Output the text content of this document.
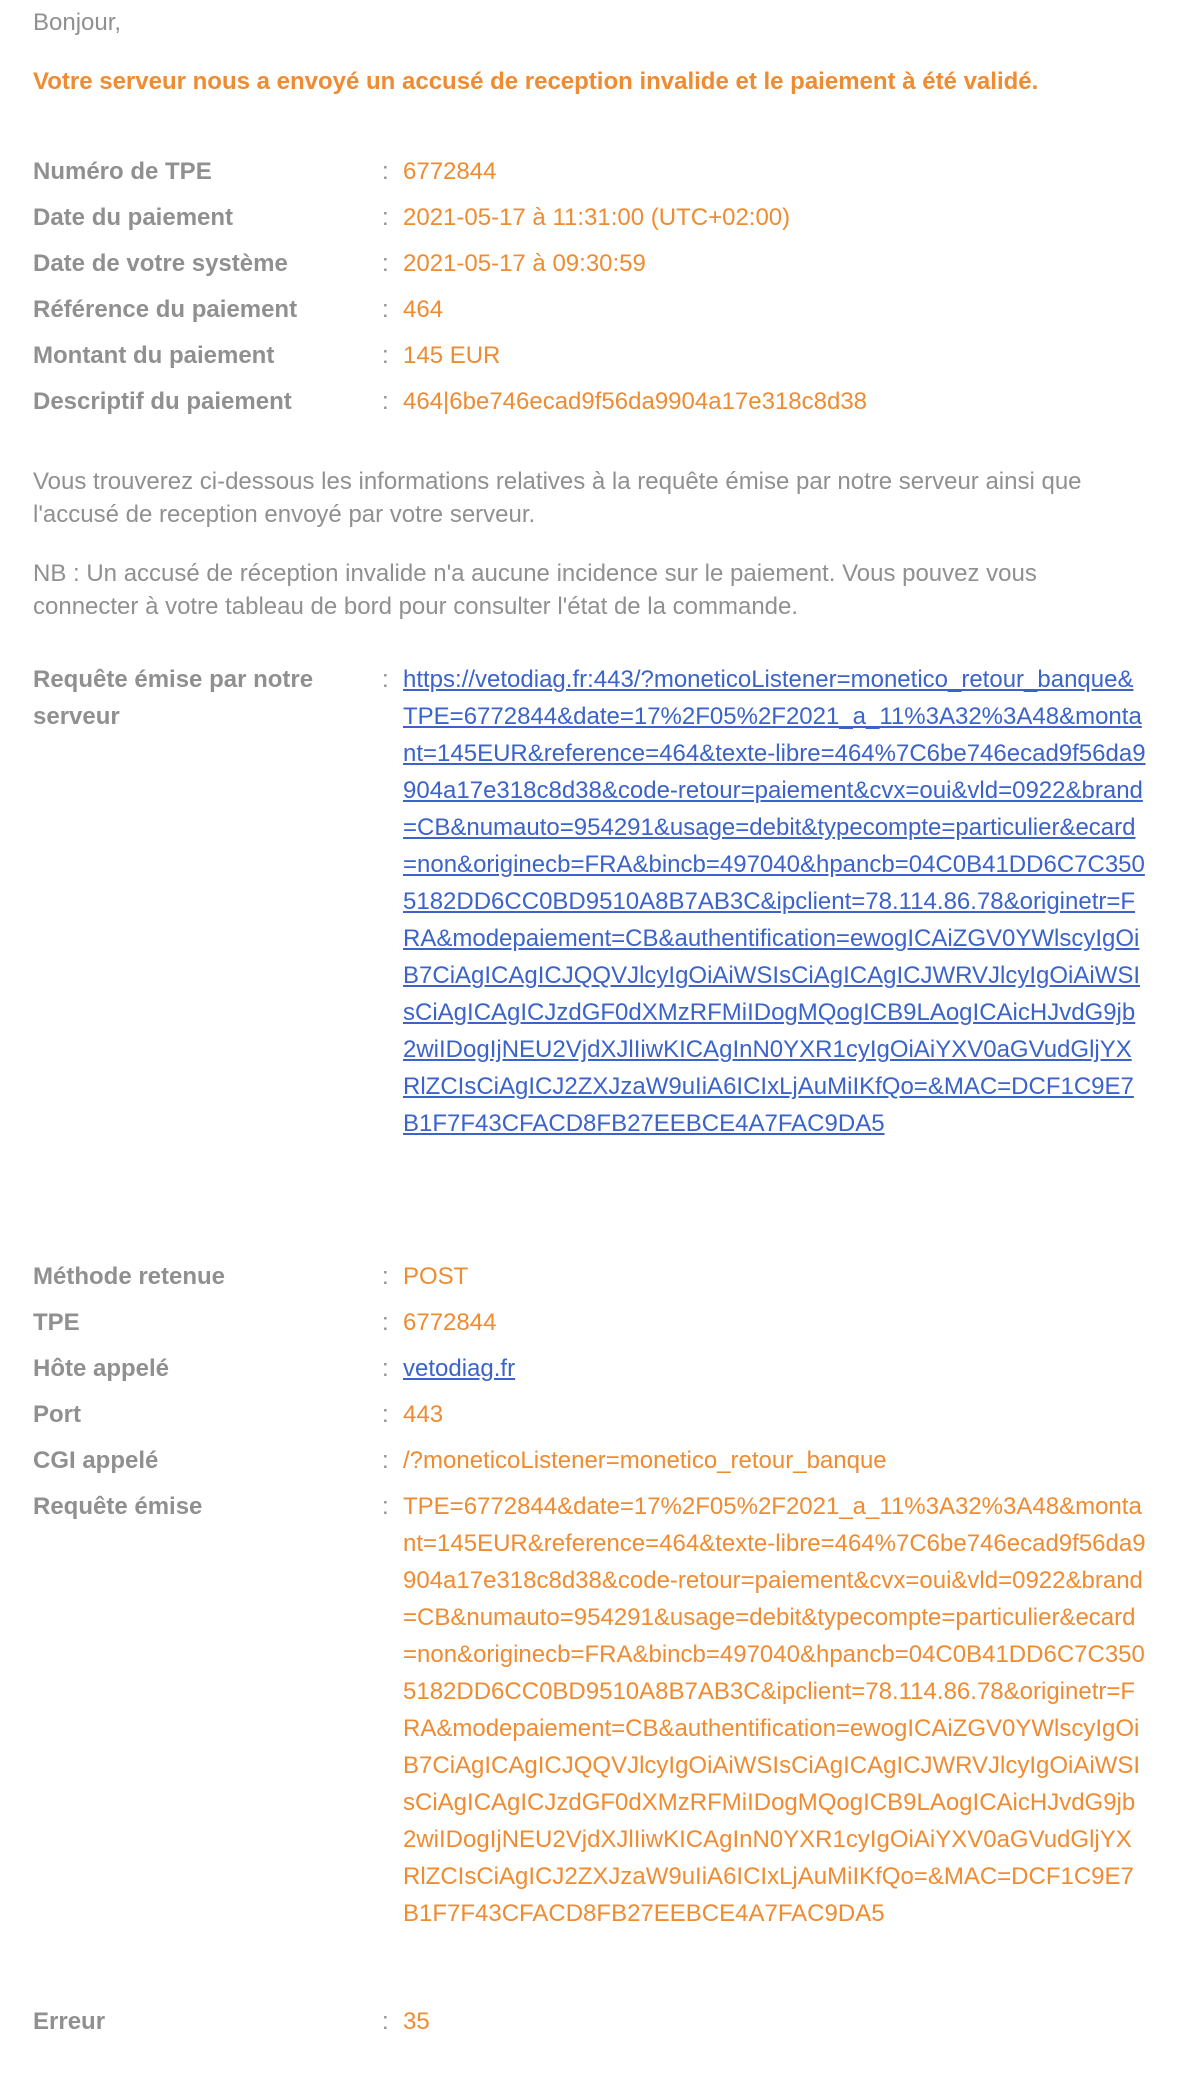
Bonjour,

Votre serveur nous a envoyé un accusé de reception invalide et le paiement à été validé.

Numéro de TPE	:	6772844
Date du paiement	:	2021-05-17 à 11:31:00 (UTC+02:00)
Date de votre système	:	2021-05-17 à 09:30:59
Référence du paiement	:	464
Montant du paiement	:	145 EUR
Descriptif du paiement	:	464|6be746ecad9f56da9904a17e318c8d38

Vous trouverez ci-dessous les informations relatives à la requête émise par notre serveur ainsi que l'accusé de reception envoyé par votre serveur.

NB : Un accusé de réception invalide n'a aucune incidence sur le paiement. Vous pouvez vous connecter à votre tableau de bord pour consulter l'état de la commande.

Requête émise par notre serveur	:	https://vetodiag.fr:443/?moneticoListener=monetico_retour_banque&TPE=6772844&date=17%2F05%2F2021_a_11%3A32%3A48&montant=145EUR&reference=464&texte-libre=464%7C6be746ecad9f56da9904a17e318c8d38&code-retour=paiement&cvx=oui&vld=0922&brand=CB&numauto=954291&usage=debit&typecompte=particulier&ecard=non&originecb=FRA&bincb=497040&hpancb=04C0B41DD6C7C3505182DD6CC0BD9510A8B7AB3C&ipclient=78.114.86.78&originetr=FRA&modepaiement=CB&authentification=ewogICAiZGV0YWlscyIgOiB7CiAgICAgICJQQVJlcyIgOiAiWSIsCiAgICAgICJWRVJlcyIgOiAiWSIsCiAgICAgICJzdGF0dXMzRFMiIDogMQogICB9LAogICAicHJvdG9jb2wiIDogIjNEU2VjdXJlIiwKICAgInN0YXR1cyIgOiAiYXV0aGVudGljYXRlZCIsCiAgICJ2ZXJzaW9uIiA6ICIxLjAuMiIKfQo=&MAC=DCF1C9E7B1F7F43CFACD8FB27EEBCE4A7FAC9DA5

Méthode retenue	:	POST
TPE	:	6772844
Hôte appelé	:	vetodiag.fr
Port	:	443
CGI appelé	:	/?moneticoListener=monetico_retour_banque
Requête émise	:	TPE=6772844&date=17%2F05%2F2021_a_11%3A32%3A48&montant=145EUR&reference=464&texte-libre=464%7C6be746ecad9f56da9904a17e318c8d38&code-retour=paiement&cvx=oui&vld=0922&brand=CB&numauto=954291&usage=debit&typecompte=particulier&ecard=non&originecb=FRA&bincb=497040&hpancb=04C0B41DD6C7C3505182DD6CC0BD9510A8B7AB3C&ipclient=78.114.86.78&originetr=FRA&modepaiement=CB&authentification=ewogICAiZGV0YWlscyIgOiB7CiAgICAgICJQQVJlcyIgOiAiWSIsCiAgICAgICJWRVJlcyIgOiAiWSIsCiAgICAgICJzdGF0dXMzRFMiIDogMQogICB9LAogICAicHJvdG9jb2wiIDogIjNEU2VjdXJlIiwKICAgInN0YXR1cyIgOiAiYXV0aGVudGljYXRlZCIsCiAgICJ2ZXJzaW9uIiA6ICIxLjAuMiIKfQo=&MAC=DCF1C9E7B1F7F43CFACD8FB27EEBCE4A7FAC9DA5

Erreur	:	35
